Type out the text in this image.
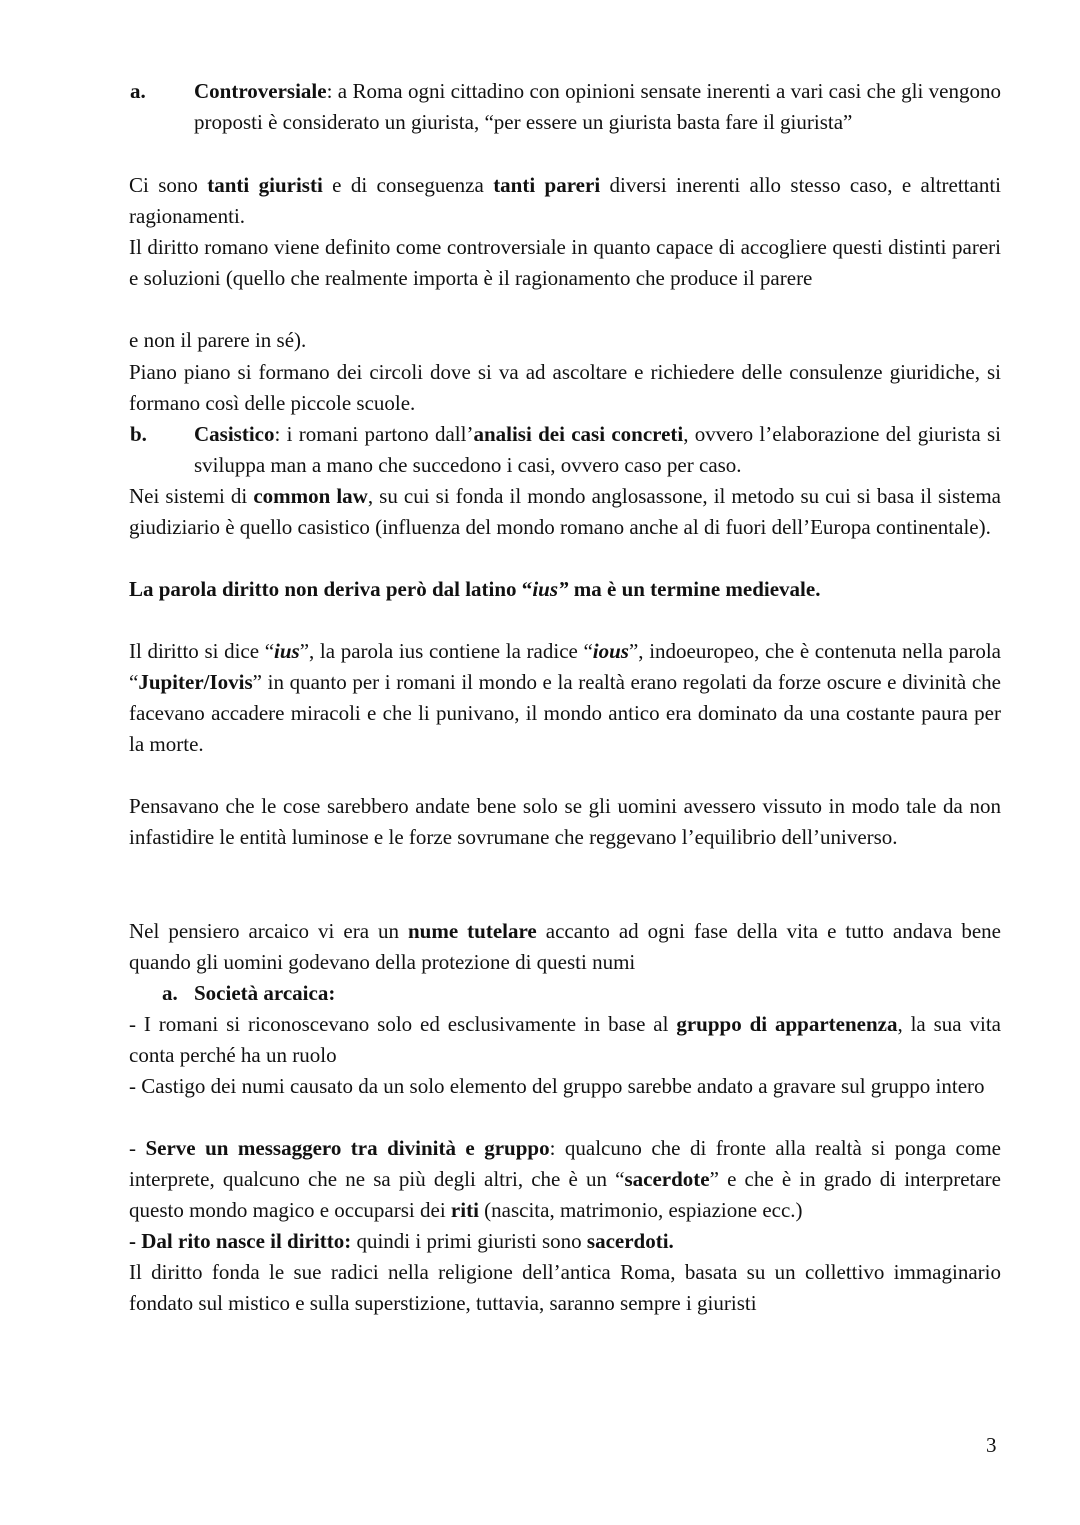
a. Controversiale: a Roma ogni cittadino con opinioni sensate inerenti a vari casi che gli vengono proposti è considerato un giurista, “per essere un giurista basta fare il giurista”

Ci sono tanti giuristi e di conseguenza tanti pareri diversi inerenti allo stesso caso, e altrettanti ragionamenti.

Il diritto romano viene definito come controversiale in quanto capace di accogliere questi distinti pareri e soluzioni (quello che realmente importa è il ragionamento che produce il parere

e non il parere in sé).

Piano piano si formano dei circoli dove si va ad ascoltare e richiedere delle consulenze giuridiche, si formano così delle piccole scuole.

b. Casistico: i romani partono dall’analisi dei casi concreti, ovvero l’elaborazione del giurista si sviluppa man a mano che succedono i casi, ovvero caso per caso.

Nei sistemi di common law, su cui si fonda il mondo anglosassone, il metodo su cui si basa il sistema giudiziario è quello casistico (influenza del mondo romano anche al di fuori dell’Europa continentale).

La parola diritto non deriva però dal latino “ius” ma è un termine medievale.

Il diritto si dice “ius”, la parola ius contiene la radice “ious”, indoeuropeo, che è contenuta nella parola “Jupiter/Iovis” in quanto per i romani il mondo e la realtà erano regolati da forze oscure e divinità che facevano accadere miracoli e che li punivano, il mondo antico era dominato da una costante paura per la morte.

Pensavano che le cose sarebbero andate bene solo se gli uomini avessero vissuto in modo tale da non infastidire le entità luminose e le forze sovrumane che reggevano l’equilibrio dell’universo.

Nel pensiero arcaico vi era un nume tutelare accanto ad ogni fase della vita e tutto andava bene quando gli uomini godevano della protezione di questi numi

a. Società arcaica:

- I romani si riconoscevano solo ed esclusivamente in base al gruppo di appartenenza, la sua vita conta perché ha un ruolo

- Castigo dei numi causato da un solo elemento del gruppo sarebbe andato a gravare sul gruppo intero

- Serve un messaggero tra divinità e gruppo: qualcuno che di fronte alla realtà si ponga come interprete, qualcuno che ne sa più degli altri, che è un “sacerdote” e che è in grado di interpretare questo mondo magico e occuparsi dei riti (nascita, matrimonio, espiazione ecc.)

- Dal rito nasce il diritto: quindi i primi giuristi sono sacerdoti.

Il diritto fonda le sue radici nella religione dell’antica Roma, basata su un collettivo immaginario fondato sul mistico e sulla superstizione, tuttavia, saranno sempre i giuristi

3
